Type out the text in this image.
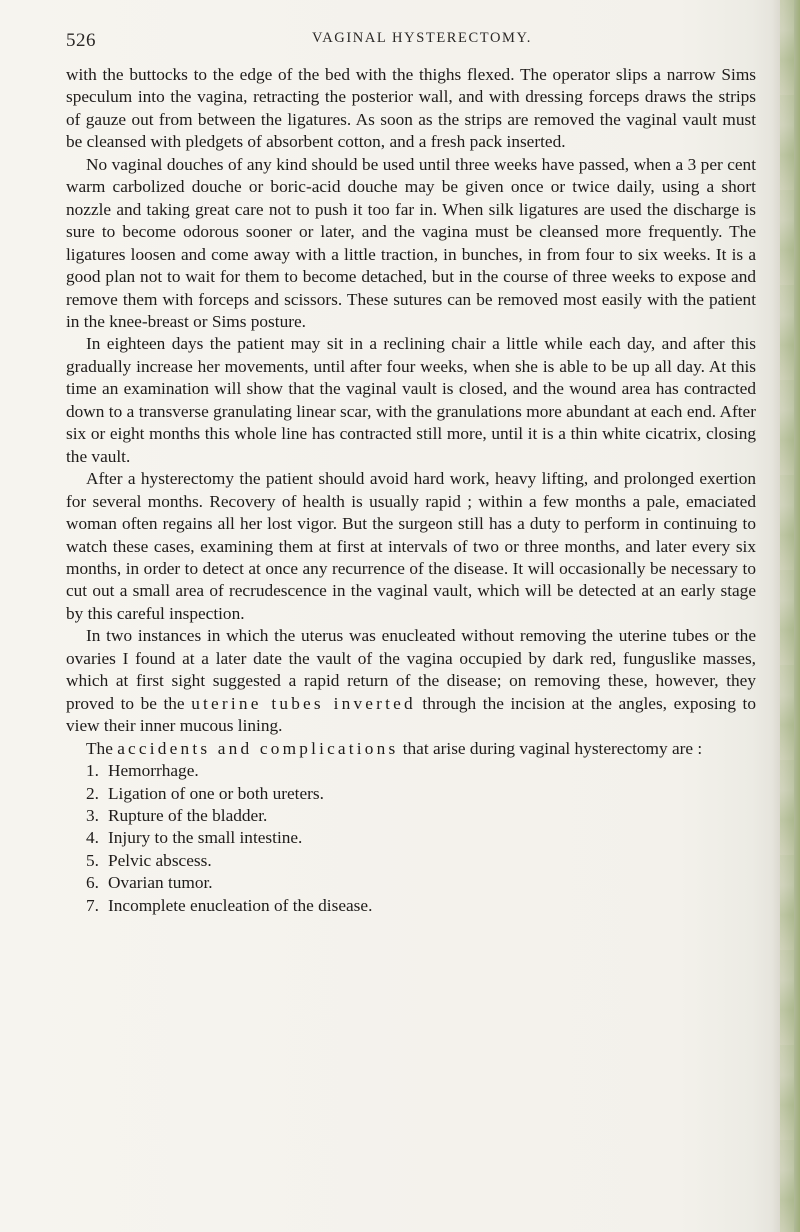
526	VAGINAL HYSTERECTOMY.

with the buttocks to the edge of the bed with the thighs flexed. The operator slips a narrow Sims speculum into the vagina, retracting the posterior wall, and with dressing forceps draws the strips of gauze out from between the ligatures. As soon as the strips are removed the vaginal vault must be cleansed with pledgets of absorbent cotton, and a fresh pack inserted.

No vaginal douches of any kind should be used until three weeks have passed, when a 3 per cent warm carbolized douche or boric-acid douche may be given once or twice daily, using a short nozzle and taking great care not to push it too far in. When silk ligatures are used the discharge is sure to become odorous sooner or later, and the vagina must be cleansed more frequently. The ligatures loosen and come away with a little traction, in bunches, in from four to six weeks. It is a good plan not to wait for them to become detached, but in the course of three weeks to expose and remove them with forceps and scissors. These sutures can be removed most easily with the patient in the knee-breast or Sims posture.

In eighteen days the patient may sit in a reclining chair a little while each day, and after this gradually increase her movements, until after four weeks, when she is able to be up all day. At this time an examination will show that the vaginal vault is closed, and the wound area has contracted down to a transverse granulating linear scar, with the granulations more abundant at each end. After six or eight months this whole line has contracted still more, until it is a thin white cicatrix, closing the vault.

After a hysterectomy the patient should avoid hard work, heavy lifting, and prolonged exertion for several months. Recovery of health is usually rapid ; within a few months a pale, emaciated woman often regains all her lost vigor. But the surgeon still has a duty to perform in continuing to watch these cases, examining them at first at intervals of two or three months, and later every six months, in order to detect at once any recurrence of the disease. It will occasionally be necessary to cut out a small area of recrudescence in the vaginal vault, which will be detected at an early stage by this careful inspection.

In two instances in which the uterus was enucleated without removing the uterine tubes or the ovaries I found at a later date the vault of the vagina occupied by dark red, funguslike masses, which at first sight suggested a rapid return of the disease; on removing these, however, they proved to be the uterine tubes inverted through the incision at the angles, exposing to view their inner mucous lining.

The accidents and complications that arise during vaginal hysterectomy are :

1. Hemorrhage.
2. Ligation of one or both ureters.
3. Rupture of the bladder.
4. Injury to the small intestine.
5. Pelvic abscess.
6. Ovarian tumor.
7. Incomplete enucleation of the disease.
